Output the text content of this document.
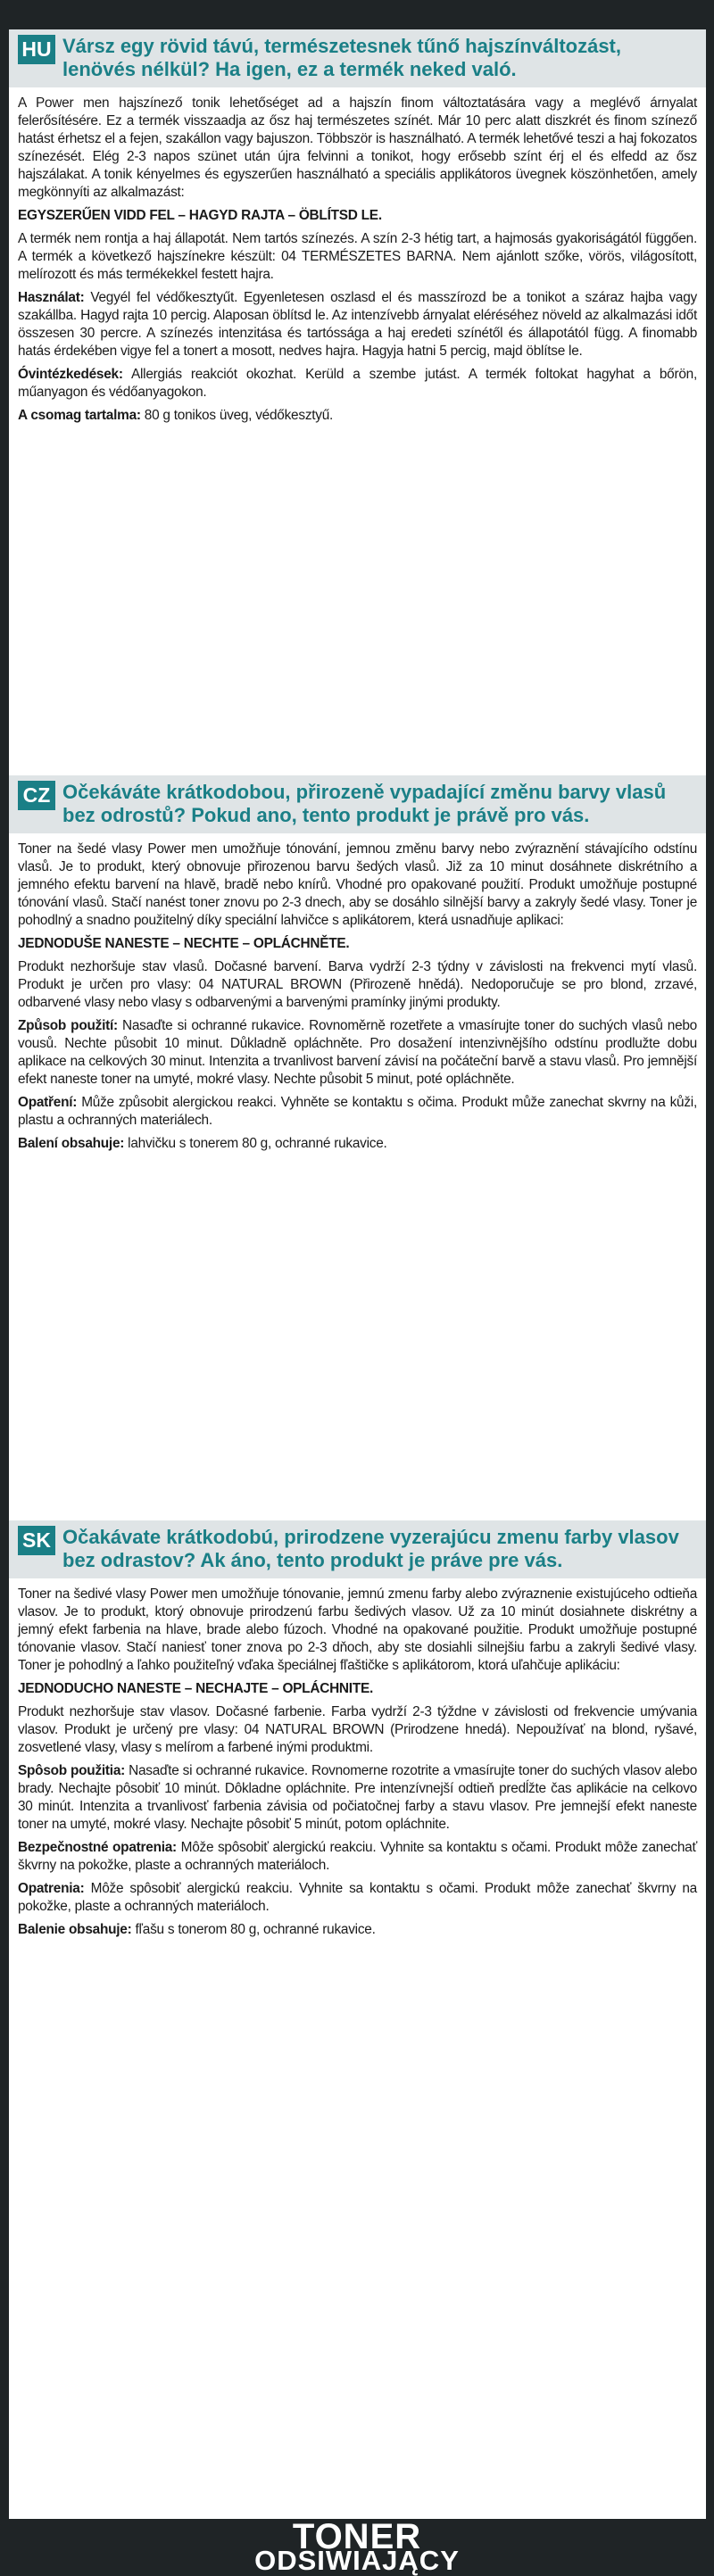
HU Vársz egy rövid távú, természetesnek tűnő hajszínváltozást, lenövés nélkül? Ha igen, ez a termék neked való.

A Power men hajszínező tonik lehetőséget ad a hajszín finom változtatására vagy a meglévő árnyalat felerősítésére. Ez a termék visszaadja az ősz haj természetes színét. Már 10 perc alatt diszkrét és finom színező hatást érhetsz el a fejen, szakállon vagy bajuszon. Többször is használható. A termék lehetővé teszi a haj fokozatos színezését. Elég 2-3 napos szünet után újra felvinni a tonikot, hogy erősebb színt érj el és elfedd az ősz hajszálakat. A tonik kényelmes és egyszerűen használható a speciális applikátoros üvegnek köszönhetően, amely megkönnyíti az alkalmazást:

EGYSZERŰEN VIDD FEL – HAGYD RAJTA – ÖBLÍTSD LE.

A termék nem rontja a haj állapotát. Nem tartós színezés. A szín 2-3 hétig tart, a hajmosás gyakoriságától függően. A termék a következő hajszínekre készült: 04 TERMÉSZETES BARNA. Nem ajánlott szőke, vörös, világosított, melírozott és más termékekkel festett hajra.

Használat: Vegyél fel védőkesztyűt. Egyenletesen oszlasd el és masszírozd be a tonikot a száraz hajba vagy szakállba. Hagyd rajta 10 percig. Alaposan öblítsd le. Az intenzívebb árnyalat eléréséhez növeld az alkalmazási időt összesen 30 percre. A színezés intenzitása és tartóssága a haj eredeti színétől és állapotától függ. A finomabb hatás érdekében vigye fel a tonert a mosott, nedves hajra. Hagyja hatni 5 percig, majd öblítse le.

Óvintézkedések: Allergiás reakciót okozhat. Kerüld a szembe jutást. A termék foltokat hagyhat a bőrön, műanyagon és védőanyagokon.

A csomag tartalma: 80 g tonikos üveg, védőkesztyű.

CZ Očekáváte krátkodobou, přirozeně vypadající změnu barvy vlasů bez odrostů? Pokud ano, tento produkt je právě pro vás.

Toner na šedé vlasy Power men umožňuje tónování, jemnou změnu barvy nebo zvýraznění stávajícího odstínu vlasů. Je to produkt, který obnovuje přirozenou barvu šedých vlasů. Již za 10 minut dosáhnete diskrétního a jemného efektu barvení na hlavě, bradě nebo knírů. Vhodné pro opakované použití. Produkt umožňuje postupné tónování vlasů. Stačí nanést toner znovu po 2-3 dnech, aby se dosáhlo silnější barvy a zakryly šedé vlasy. Toner je pohodlný a snadno použitelný díky speciální lahvičce s aplikátorem, která usnadňuje aplikaci:

JEDNODUŠE NANESTE – NECHTE – OPLÁCHNĚTE.

Produkt nezhoršuje stav vlasů. Dočasné barvení. Barva vydrží 2-3 týdny v závislosti na frekvenci mytí vlasů. Produkt je určen pro vlasy: 04 NATURAL BROWN (Přirozeně hnědá). Nedoporučuje se pro blond, zrzavé, odbarvené vlasy nebo vlasy s odbarvenými a barvenými pramínky jinými produkty.

Způsob použití: Nasaďte si ochranné rukavice. Rovnoměrně rozetřete a vmasírujte toner do suchých vlasů nebo vousů. Nechte působit 10 minut. Důkladně opláchněte. Pro dosažení intenzivnějšího odstínu prodlužte dobu aplikace na celkových 30 minut. Intenzita a trvanlivost barvení závisí na počáteční barvě a stavu vlasů. Pro jemnější efekt naneste toner na umyté, mokré vlasy. Nechte působit 5 minut, poté opláchněte.

Opatření: Může způsobit alergickou reakci. Vyhněte se kontaktu s očima. Produkt může zanechat skvrny na kůži, plastu a ochranných materiálech.

Balení obsahuje: lahvičku s tonerem 80 g, ochranné rukavice.

SK Očakávate krátkodobú, prirodzene vyzerajúcu zmenu farby vlasov bez odrastov? Ak áno, tento produkt je práve pre vás.

Toner na šedivé vlasy Power men umožňuje tónovanie, jemnú zmenu farby alebo zvýraznenie existujúceho odtieňa vlasov. Je to produkt, ktorý obnovuje prirodzenú farbu šedivých vlasov. Už za 10 minút dosiahnete diskrétny a jemný efekt farbenia na hlave, brade alebo fúzoch. Vhodné na opakované použitie. Produkt umožňuje postupné tónovanie vlasov. Stačí naniesť toner znova po 2-3 dňoch, aby ste dosiahli silnejšiu farbu a zakryli šedivé vlasy. Toner je pohodlný a ľahko použiteľný vďaka špeciálnej fľaštičke s aplikátorom, ktorá uľahčuje aplikáciu:

JEDNODUCHO NANESTE – NECHAJTE – OPLÁCHNITE.

Produkt nezhoršuje stav vlasov. Dočasné farbenie. Farba vydrží 2-3 týždne v závislosti od frekvencie umývania vlasov. Produkt je určený pre vlasy: 04 NATURAL BROWN (Prirodzene hnedá). Nepoužívať na blond, ryšavé, zosvetlené vlasy, vlasy s melírom a farbené inými produktmi.

Spôsob použitia: Nasaďte si ochranné rukavice. Rovnomerne rozotrite a vmasírujte toner do suchých vlasov alebo brady. Nechajte pôsobiť 10 minút. Dôkladne opláchnite. Pre intenzívnejší odtieň predĺžte čas aplikácie na celkovo 30 minút. Intenzita a trvanlivosť farbenia závisia od počiatočnej farby a stavu vlasov. Pre jemnejší efekt naneste toner na umyté, mokré vlasy. Nechajte pôsobiť 5 minút, potom opláchnite.

Bezpečnostné opatrenia: Môže spôsobiť alergickú reakciu. Vyhnite sa kontaktu s očami. Produkt môže zanechať škvrny na pokožke, plaste a ochranných materiáloch.

Opatrenia: Môže spôsobiť alergickú reakciu. Vyhnite sa kontaktu s očami. Produkt môže zanechať škvrny na pokožke, plaste a ochranných materiáloch.

Balenie obsahuje: fľašu s tonerom 80 g, ochranné rukavice.

TONER
ODSIWIAJĄCY
